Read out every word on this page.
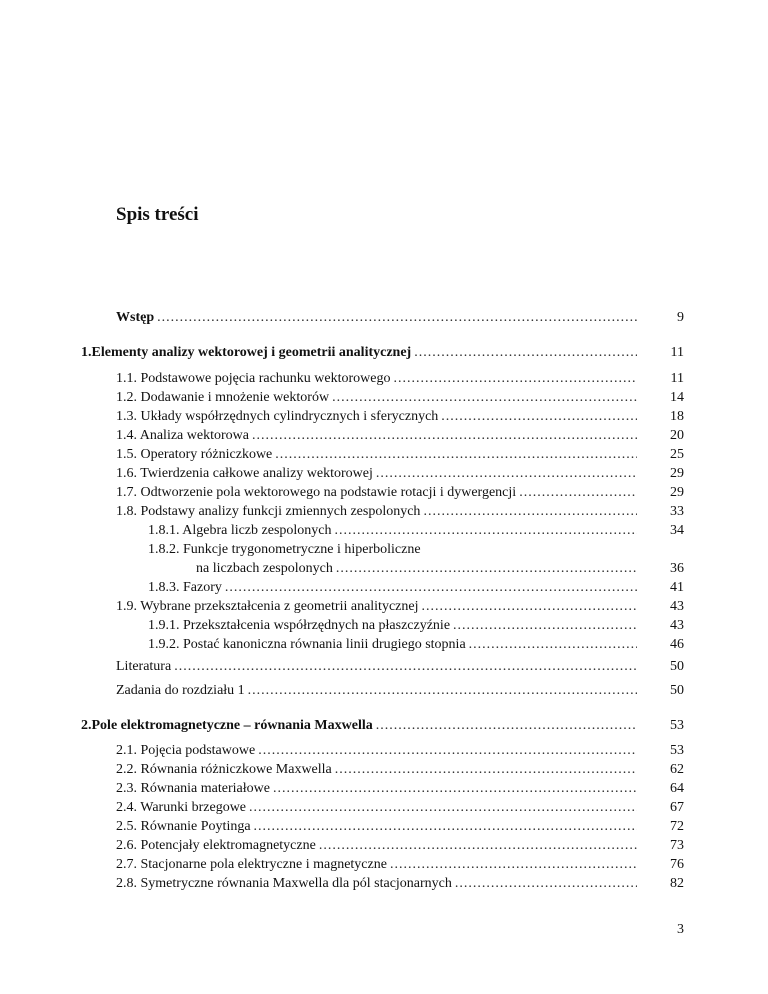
Spis treści
Wstęp .....	9
1. Elementy analizy wektorowej i geometrii analitycznej .....	11
1.1. Podstawowe pojęcia rachunku wektorowego .....	11
1.2. Dodawanie i mnożenie wektorów .....	14
1.3. Układy współrzędnych cylindrycznych i sferycznych .....	18
1.4. Analiza wektorowa .....	20
1.5. Operatory różniczkowe .....	25
1.6. Twierdzenia całkowe analizy wektorowej .....	29
1.7. Odtworzenie pola wektorowego na podstawie rotacji i dywergencji .....	29
1.8. Podstawy analizy funkcji zmiennych zespolonych .....	33
1.8.1. Algebra liczb zespolonych .....	34
1.8.2. Funkcje trygonometryczne i hiperboliczne
na liczbach zespolonych .....	36
1.8.3. Fazory .....	41
1.9. Wybrane przekształcenia z geometrii analitycznej .....	43
1.9.1. Przekształcenia współrzędnych na płaszczyźnie .....	43
1.9.2. Postać kanoniczna równania linii drugiego stopnia .....	46
Literatura .....	50
Zadania do rozdziału 1 .....	50
2. Pole elektromagnetyczne – równania Maxwella .....	53
2.1. Pojęcia podstawowe .....	53
2.2. Równania różniczkowe Maxwella .....	62
2.3. Równania materiałowe .....	64
2.4. Warunki brzegowe .....	67
2.5. Równanie Poytinga .....	72
2.6. Potencjały elektromagnetyczne .....	73
2.7. Stacjonarne pola elektryczne i magnetyczne .....	76
2.8. Symetryczne równania Maxwella dla pól stacjonarnych .....	82
3
